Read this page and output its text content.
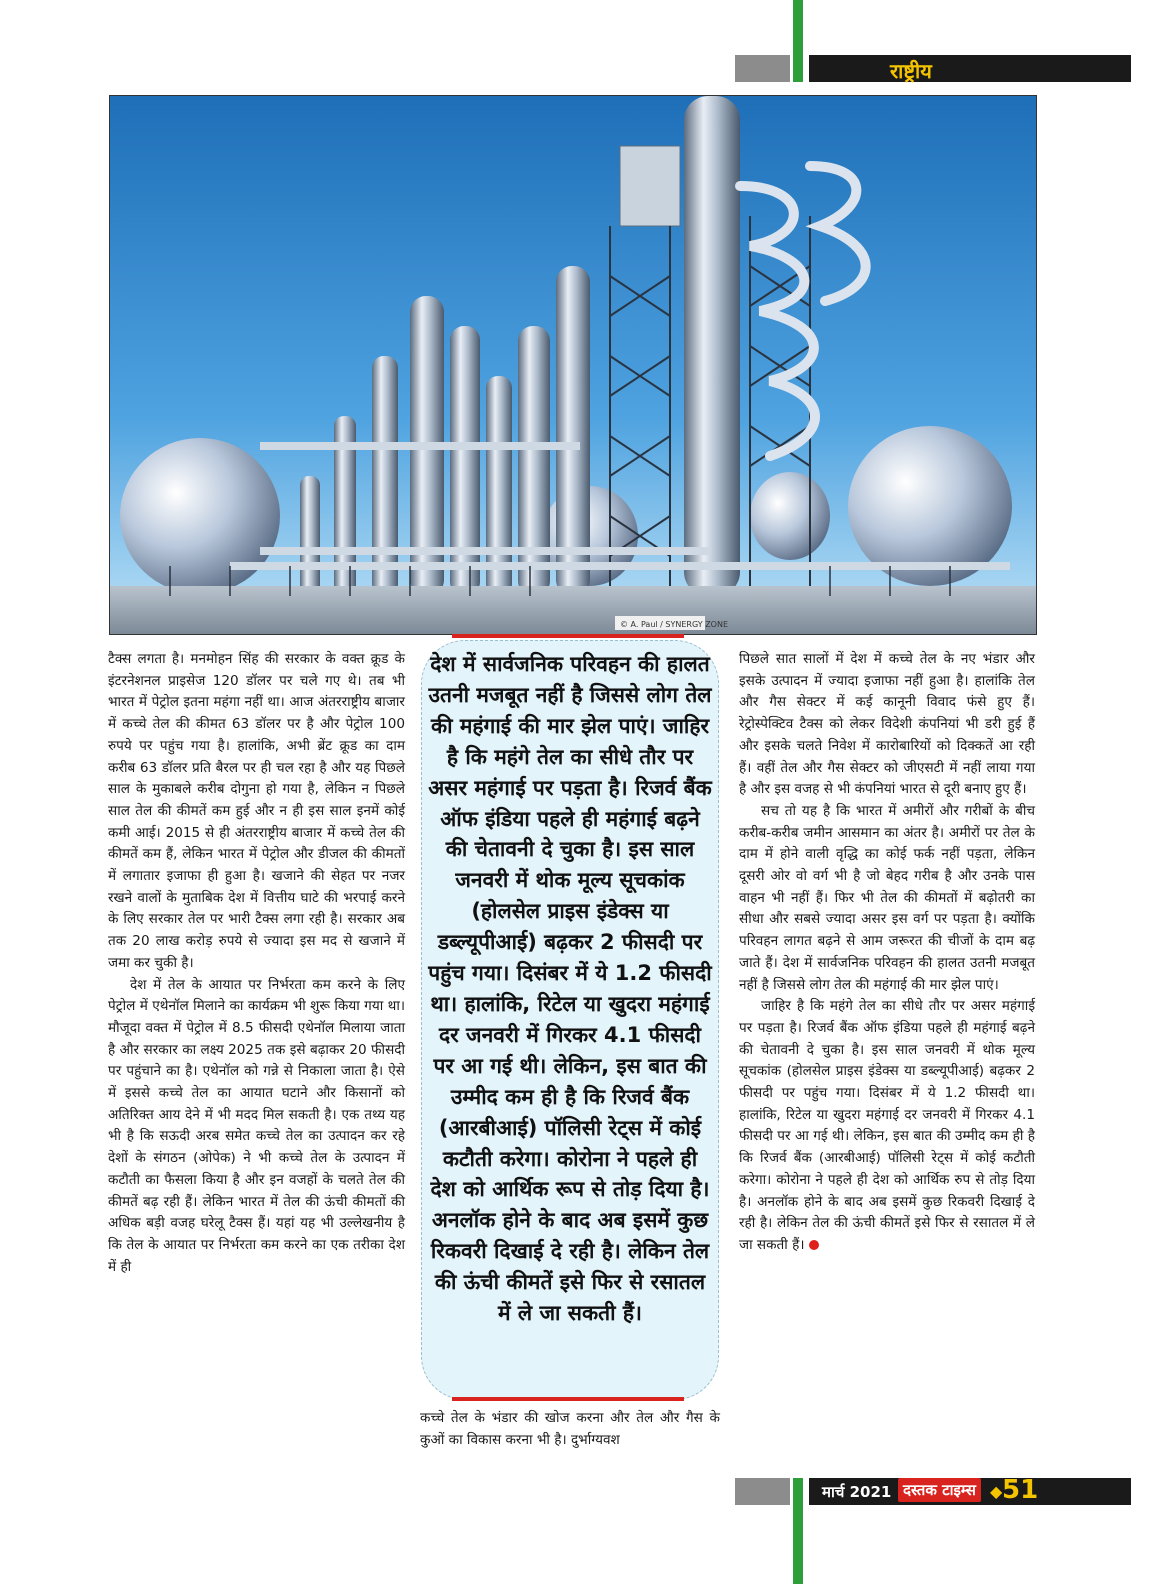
राष्ट्रीय
© A. Paul / SYNERGY ZONE

टैक्स लगता है। मनमोहन सिंह की सरकार के वक्त क्रूड के इंटरनेशनल प्राइसेज 120 डॉलर पर चले गए थे। तब भी भारत में पेट्रोल इतना महंगा नहीं था। आज अंतरराष्ट्रीय बाजार में कच्चे तेल की कीमत 63 डॉलर पर है और पेट्रोल 100 रुपये पर पहुंच गया है। हालांकि, अभी ब्रेंट क्रूड का दाम करीब 63 डॉलर प्रति बैरल पर ही चल रहा है और यह पिछले साल के मुकाबले करीब दोगुना हो गया है, लेकिन न पिछले साल तेल की कीमतें कम हुई और न ही इस साल इनमें कोई कमी आई। 2015 से ही अंतरराष्ट्रीय बाजार में कच्चे तेल की कीमतें कम हैं, लेकिन भारत में पेट्रोल और डीजल की कीमतों में लगातार इजाफा ही हुआ है। खजाने की सेहत पर नजर रखने वालों के मुताबिक देश में वित्तीय घाटे की भरपाई करने के लिए सरकार तेल पर भारी टैक्स लगा रही है। सरकार अब तक 20 लाख करोड़ रुपये से ज्यादा इस मद से खजाने में जमा कर चुकी है।

देश में तेल के आयात पर निर्भरता कम करने के लिए पेट्रोल में एथेनॉल मिलाने का कार्यक्रम भी शुरू किया गया था। मौजूदा वक्त में पेट्रोल में 8.5 फीसदी एथेनॉल मिलाया जाता है और सरकार का लक्ष्य 2025 तक इसे बढ़ाकर 20 फीसदी पर पहुंचाने का है। एथेनॉल को गन्ने से निकाला जाता है। ऐसे में इससे कच्चे तेल का आयात घटाने और किसानों को अतिरिक्त आय देने में भी मदद मिल सकती है। एक तथ्य यह भी है कि सऊदी अरब समेत कच्चे तेल का उत्पादन कर रहे देशों के संगठन (ओपेक) ने भी कच्चे तेल के उत्पादन में कटौती का फैसला किया है और इन वजहों के चलते तेल की कीमतें बढ़ रही हैं। लेकिन भारत में तेल की ऊंची कीमतों की अधिक बड़ी वजह घरेलू टैक्स हैं। यहां यह भी उल्लेखनीय है कि तेल के आयात पर निर्भरता कम करने का एक तरीका देश में ही

देश में सार्वजनिक परिवहन की हालत उतनी मजबूत नहीं है जिससे लोग तेल की महंगाई की मार झेल पाएं। जाहिर है कि महंगे तेल का सीधे तौर पर असर महंगाई पर पड़ता है। रिजर्व बैंक ऑफ इंडिया पहले ही महंगाई बढ़ने की चेतावनी दे चुका है। इस साल जनवरी में थोक मूल्य सूचकांक (होलसेल प्राइस इंडेक्स या डब्ल्यूपीआई) बढ़कर 2 फीसदी पर पहुंच गया। दिसंबर में ये 1.2 फीसदी था। हालांकि, रिटेल या खुदरा महंगाई दर जनवरी में गिरकर 4.1 फीसदी पर आ गई थी। लेकिन, इस बात की उम्मीद कम ही है कि रिजर्व बैंक (आरबीआई) पॉलिसी रेट्स में कोई कटौती करेगा। कोरोना ने पहले ही देश को आर्थिक रूप से तोड़ दिया है। अनलॉक होने के बाद अब इसमें कुछ रिकवरी दिखाई दे रही है। लेकिन तेल की ऊंची कीमतें इसे फिर से रसातल में ले जा सकती हैं।

कच्चे तेल के भंडार की खोज करना और तेल और गैस के कुओं का विकास करना भी है। दुर्भाग्यवश

पिछले सात सालों में देश में कच्चे तेल के नए भंडार और इसके उत्पादन में ज्यादा इजाफा नहीं हुआ है। हालांकि तेल और गैस सेक्टर में कई कानूनी विवाद फंसे हुए हैं। रेट्रोस्पेक्टिव टैक्स को लेकर विदेशी कंपनियां भी डरी हुई हैं और इसके चलते निवेश में कारोबारियों को दिक्कतें आ रही हैं। वहीं तेल और गैस सेक्टर को जीएसटी में नहीं लाया गया है और इस वजह से भी कंपनियां भारत से दूरी बनाए हुए हैं।

सच तो यह है कि भारत में अमीरों और गरीबों के बीच करीब-करीब जमीन आसमान का अंतर है। अमीरों पर तेल के दाम में होने वाली वृद्धि का कोई फर्क नहीं पड़ता, लेकिन दूसरी ओर वो वर्ग भी है जो बेहद गरीब है और उनके पास वाहन भी नहीं हैं। फिर भी तेल की कीमतों में बढ़ोतरी का सीधा और सबसे ज्यादा असर इस वर्ग पर पड़ता है। क्योंकि परिवहन लागत बढ़ने से आम जरूरत की चीजों के दाम बढ़ जाते हैं। देश में सार्वजनिक परिवहन की हालत उतनी मजबूत नहीं है जिससे लोग तेल की महंगाई की मार झेल पाएं।

जाहिर है कि महंगे तेल का सीधे तौर पर असर महंगाई पर पड़ता है। रिजर्व बैंक ऑफ इंडिया पहले ही महंगाई बढ़ने की चेतावनी दे चुका है। इस साल जनवरी में थोक मूल्य सूचकांक (होलसेल प्राइस इंडेक्स या डब्ल्यूपीआई) बढ़कर 2 फीसदी पर पहुंच गया। दिसंबर में ये 1.2 फीसदी था। हालांकि, रिटेल या खुदरा महंगाई दर जनवरी में गिरकर 4.1 फीसदी पर आ गई थी। लेकिन, इस बात की उम्मीद कम ही है कि रिजर्व बैंक (आरबीआई) पॉलिसी रेट्स में कोई कटौती करेगा। कोरोना ने पहले ही देश को आर्थिक रुप से तोड़ दिया है। अनलॉक होने के बाद अब इसमें कुछ रिकवरी दिखाई दे रही है। लेकिन तेल की ऊंची कीमतें इसे फिर से रसातल में ले जा सकती हैं।

मार्च 2021 दस्तक टाइम्स ◆ 51
